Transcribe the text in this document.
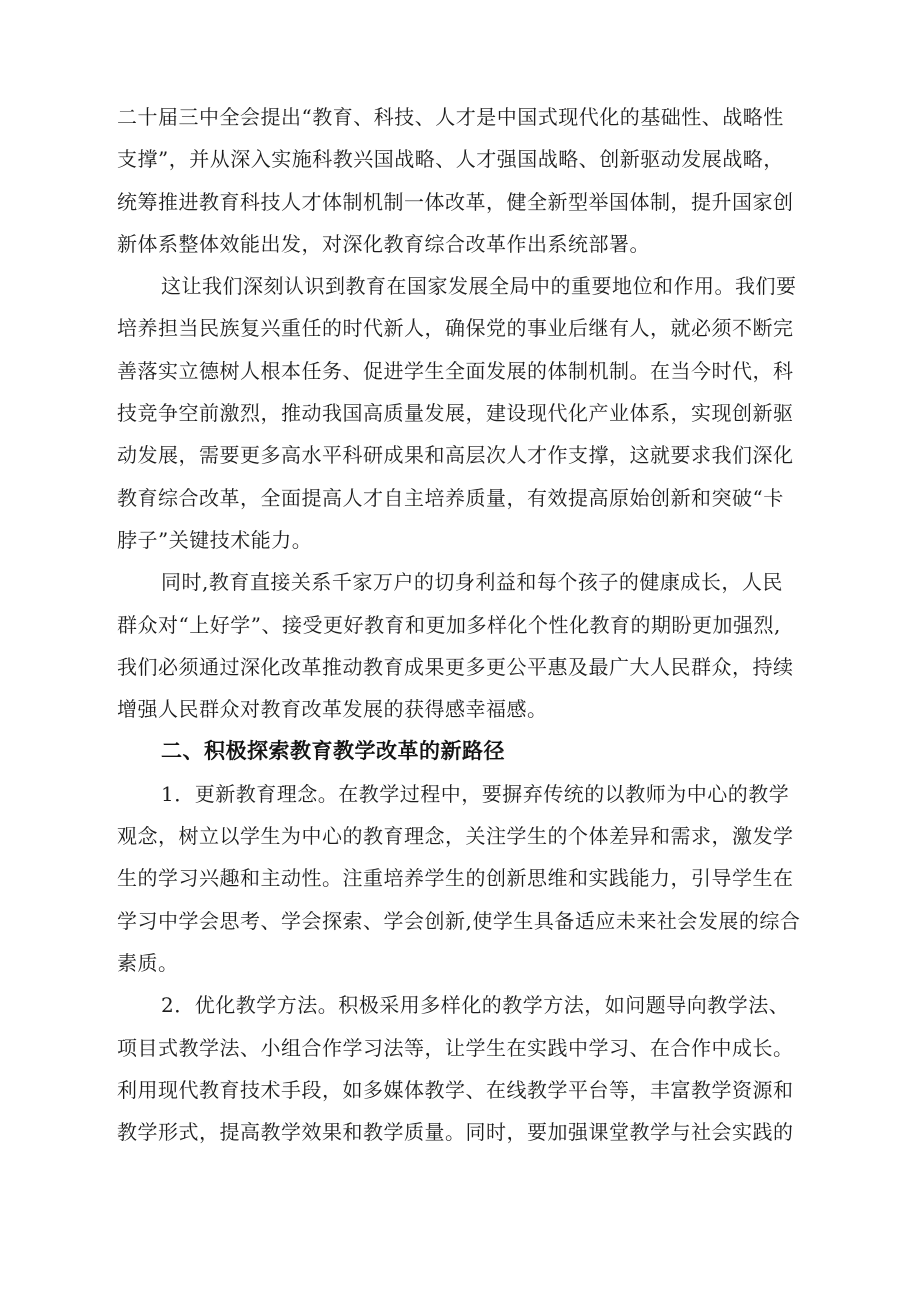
二十届三中全会提出“教育、科技、人才是中国式现代化的基础性、战略性
支撑”，并从深入实施科教兴国战略、人才强国战略、创新驱动发展战略，
统筹推进教育科技人才体制机制一体改革，健全新型举国体制，提升国家创
新体系整体效能出发，对深化教育综合改革作出系统部署。

这让我们深刻认识到教育在国家发展全局中的重要地位和作用。我们要
培养担当民族复兴重任的时代新人，确保党的事业后继有人，就必须不断完
善落实立德树人根本任务、促进学生全面发展的体制机制。在当今时代，科
技竞争空前激烈，推动我国高质量发展，建设现代化产业体系，实现创新驱
动发展，需要更多高水平科研成果和高层次人才作支撑，这就要求我们深化
教育综合改革，全面提高人才自主培养质量，有效提高原始创新和突破“卡
脖子”关键技术能力。

同时,教育直接关系千家万户的切身利益和每个孩子的健康成长，人民
群众对“上好学”、接受更好教育和更加多样化个性化教育的期盼更加强烈,
我们必须通过深化改革推动教育成果更多更公平惠及最广大人民群众，持续
增强人民群众对教育改革发展的获得感幸福感。

二、积极探索教育教学改革的新路径

1．更新教育理念。在教学过程中，要摒弃传统的以教师为中心的教学
观念，树立以学生为中心的教育理念，关注学生的个体差异和需求，激发学
生的学习兴趣和主动性。注重培养学生的创新思维和实践能力，引导学生在
学习中学会思考、学会探索、学会创新,使学生具备适应未来社会发展的综合
素质。

2．优化教学方法。积极采用多样化的教学方法，如问题导向教学法、
项目式教学法、小组合作学习法等，让学生在实践中学习、在合作中成长。
利用现代教育技术手段，如多媒体教学、在线教学平台等，丰富教学资源和
教学形式，提高教学效果和教学质量。同时，要加强课堂教学与社会实践的
